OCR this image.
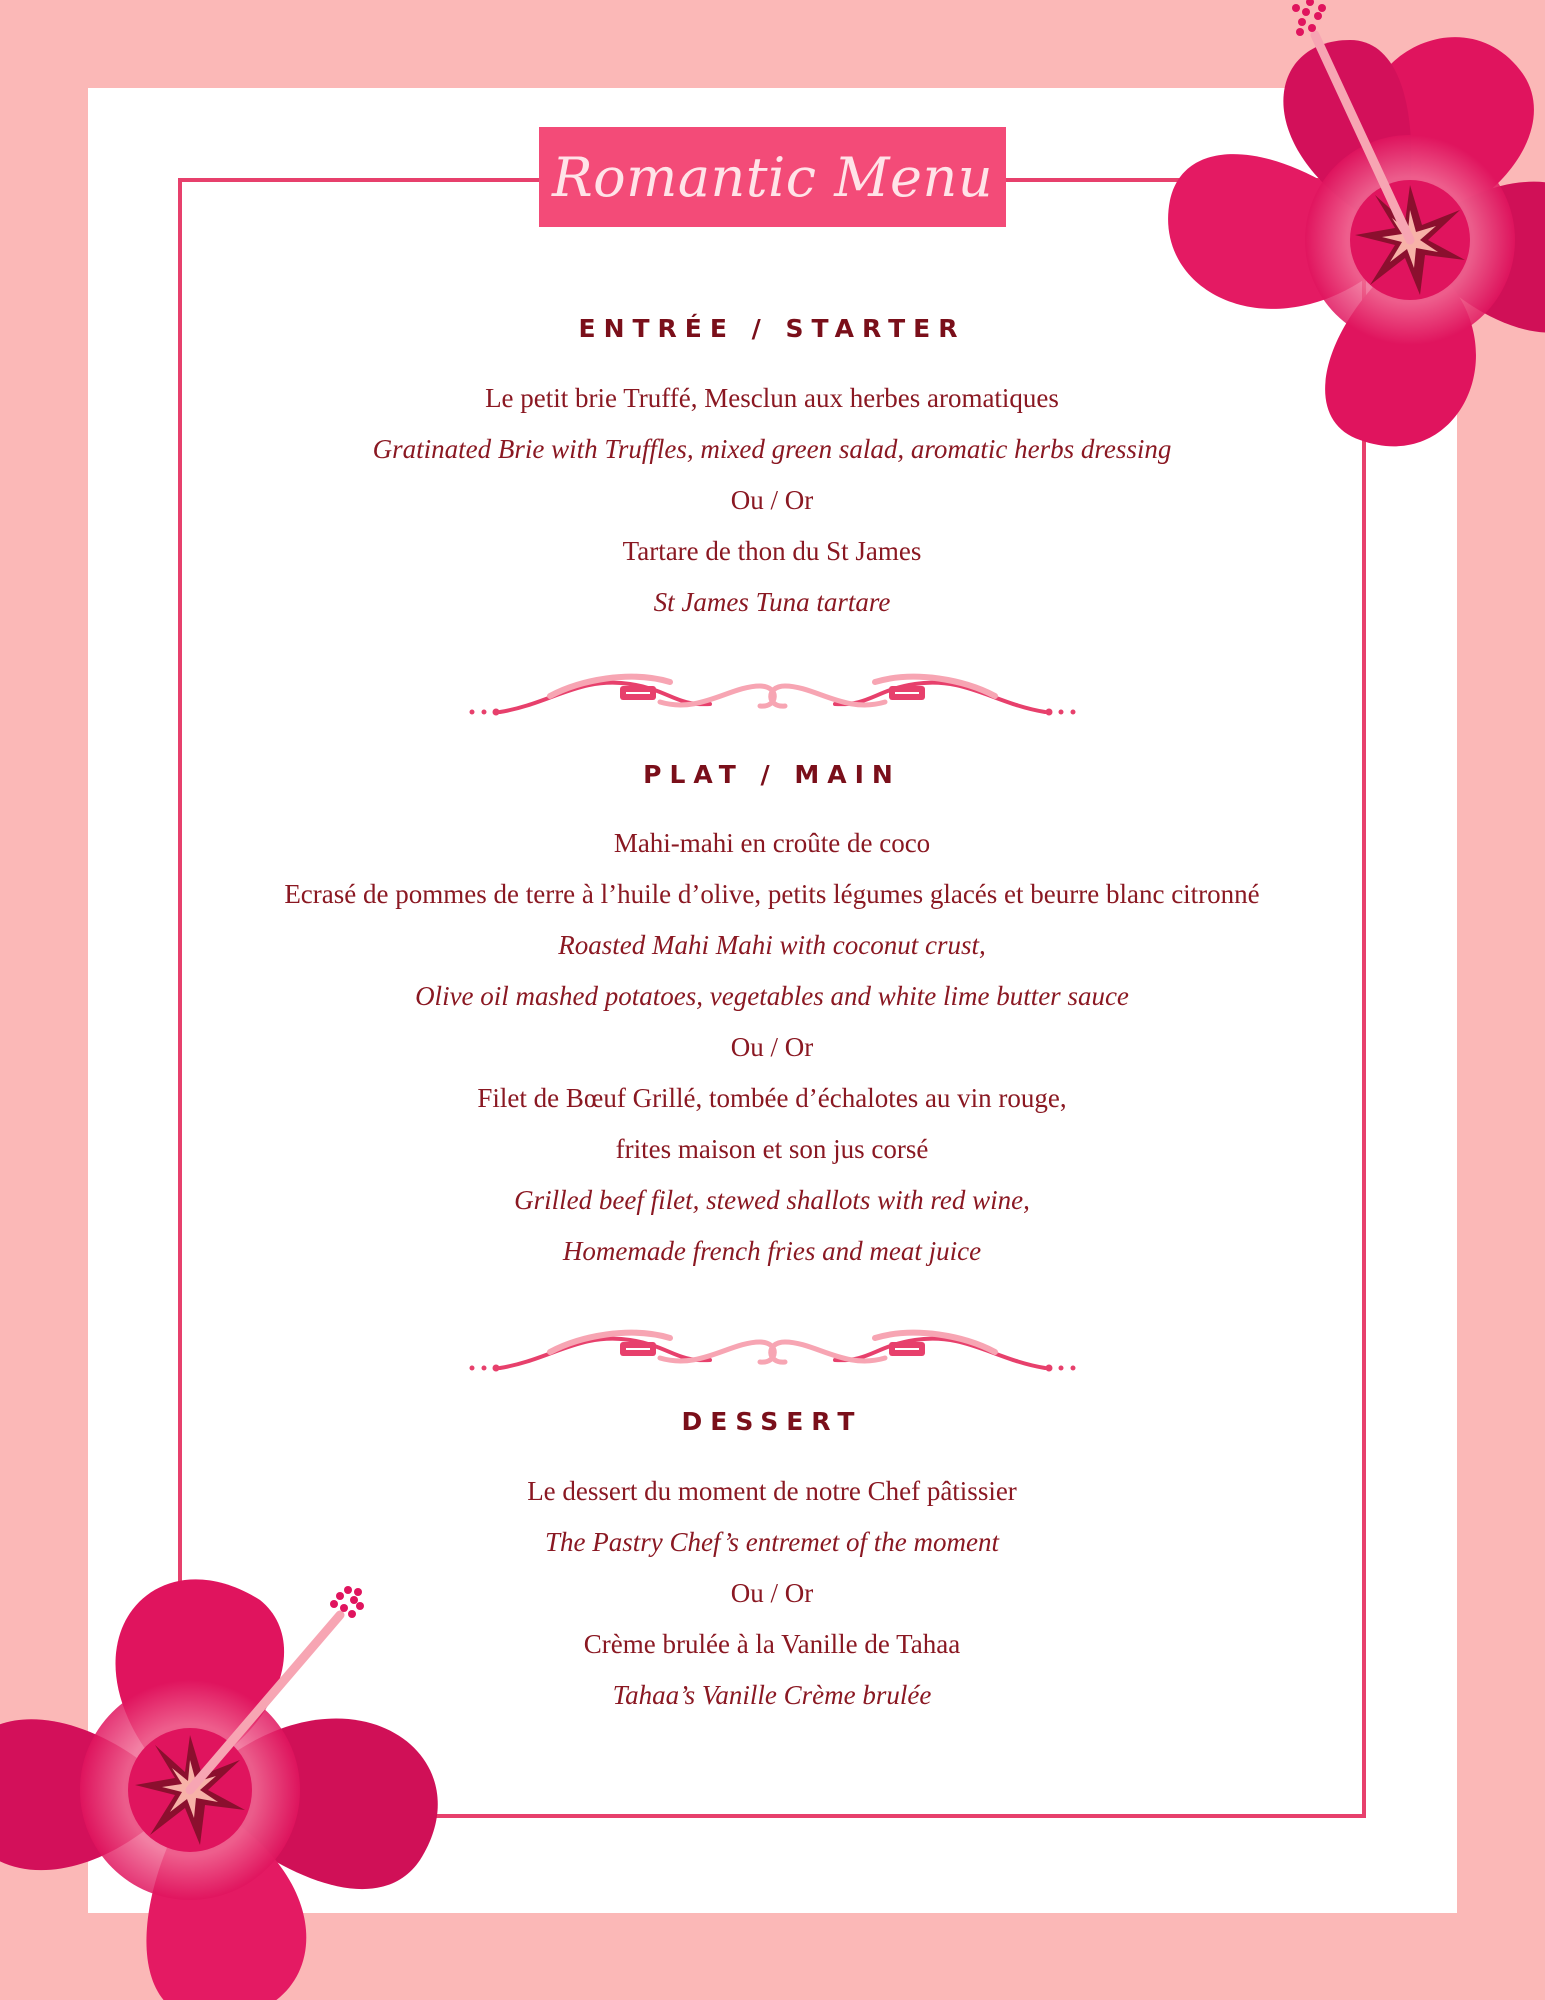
Romantic Menu
ENTRÉE / STARTER
Le petit brie Truffé, Mesclun aux herbes aromatiques
Gratinated Brie with Truffles, mixed green salad, aromatic herbs dressing
Ou / Or
Tartare de thon du St James
St James Tuna tartare
PLAT / MAIN
Mahi-mahi en croûte de coco
Ecrasé de pommes de terre à l’huile d’olive, petits légumes glacés et beurre blanc citronné
Roasted Mahi Mahi with coconut crust,
Olive oil mashed potatoes, vegetables and white lime butter sauce
Ou / Or
Filet de Bœuf Grillé, tombée d’échalotes au vin rouge,
frites maison et son jus corsé
Grilled beef filet, stewed shallots with red wine,
Homemade french fries and meat juice
DESSERT
Le dessert du moment de notre Chef pâtissier
The Pastry Chef’s entremet of the moment
Ou / Or
Crème brulée à la Vanille de Tahaa
Tahaa’s Vanille Crème brulée
